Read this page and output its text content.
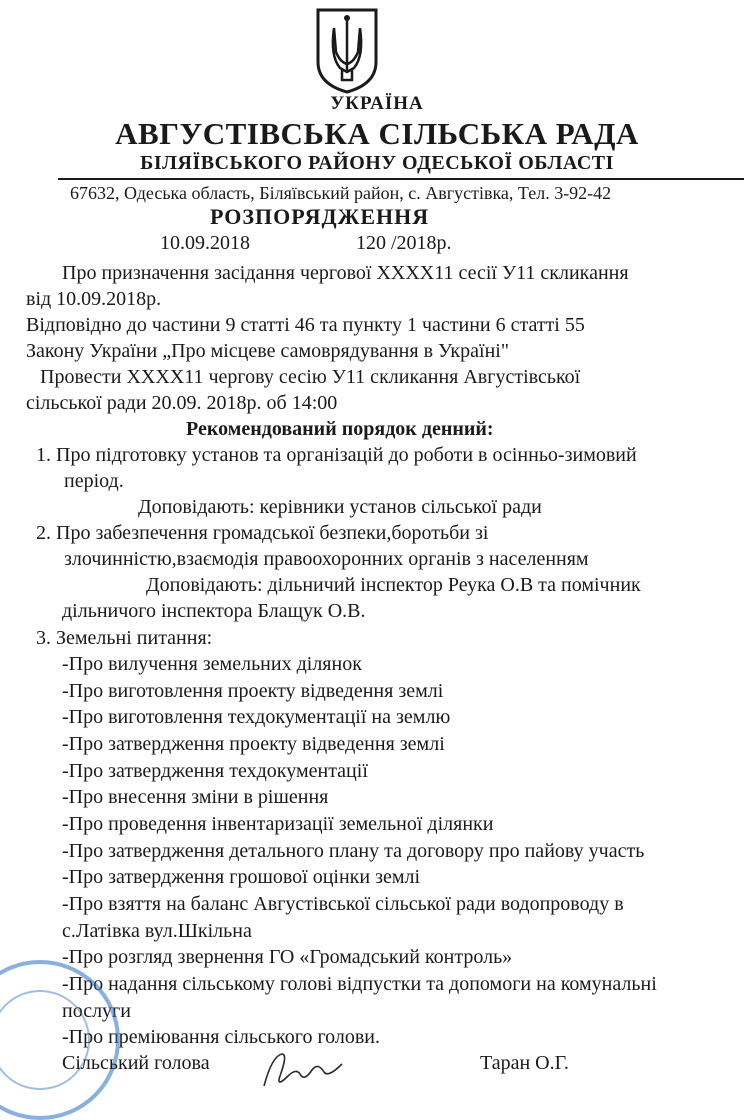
УКРАЇНА
АВГУСТІВСЬКА СІЛЬСЬКА РАДА
БІЛЯЇВСЬКОГО РАЙОНУ ОДЕСЬКОЇ ОБЛАСТІ
67632, Одеська область, Біляївський район, с. Августівка, Тел. 3-92-42
РОЗПОРЯДЖЕННЯ
10.09.2018	120 /2018р.
Про призначення засідання чергової ХХХХ11 сесії У11 скликання
від 10.09.2018р.
Відповідно до частини 9 статті 46 та пункту 1 частини 6 статті 55
Закону України „Про місцеве самоврядування в Україні"
Провести ХХХХ11 чергову сесію У11 скликання Августівської
сільської ради 20.09. 2018р. об 14:00
Рекомендований порядок денний:
1. Про підготовку установ та організацій до роботи в осінньо-зимовий
період.
Доповідають: керівники установ сільської ради
2. Про забезпечення громадської безпеки,боротьби зі
злочинністю,взаємодія правоохоронних органів з населенням
Доповідають: дільничий інспектор Реука О.В та помічник
дільничого інспектора Блащук О.В.
3. Земельні питання:
-Про вилучення земельних ділянок
-Про виготовлення проекту відведення землі
-Про виготовлення техдокументації на землю
-Про затвердження проекту відведення землі
-Про затвердження техдокументації
-Про внесення зміни в рішення
-Про проведення інвентаризації земельної ділянки
-Про затвердження детального плану та договору про пайову участь
-Про затвердження грошової оцінки землі
-Про взяття на баланс Августівської сільської ради водопроводу в
с.Латівка вул.Шкільна
-Про розгляд звернення ГО «Громадський контроль»
-Про надання сільському голові відпустки та допомоги на комунальні
послуги
-Про преміювання сільського голови.
Сільський голова	Таран О.Г.
